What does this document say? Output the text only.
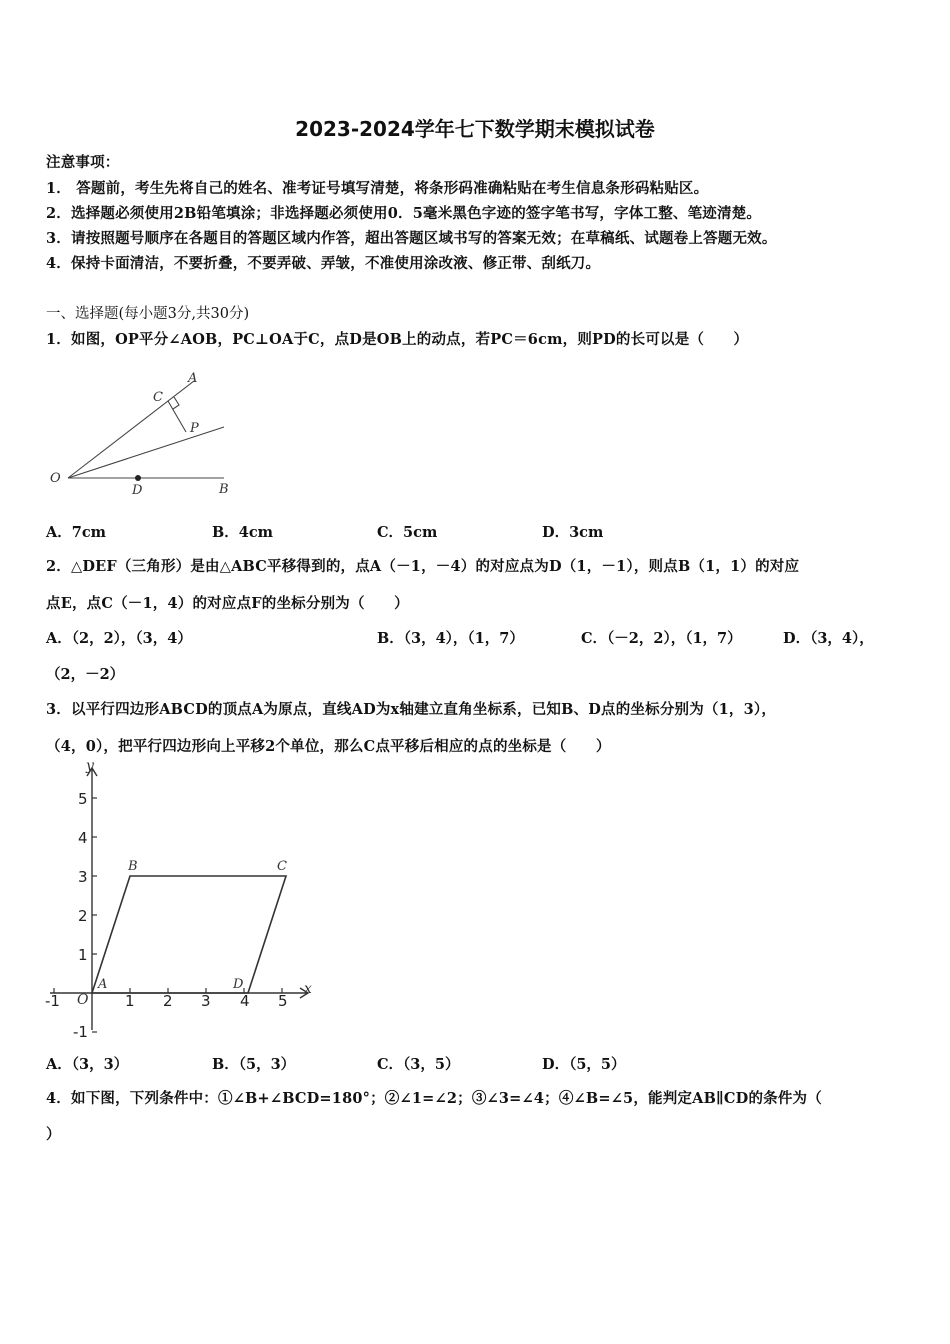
2023-2024学年七下数学期末模拟试卷
注意事项：
1． 答题前，考生先将自己的姓名、准考证号填写清楚，将条形码准确粘贴在考生信息条形码粘贴区。
2．选择题必须使用2B铅笔填涂；非选择题必须使用0．5毫米黑色字迹的签字笔书写，字体工整、笔迹清楚。
3．请按照题号顺序在各题目的答题区域内作答，超出答题区域书写的答案无效；在草稿纸、试题卷上答题无效。
4．保持卡面清洁，不要折叠，不要弄破、弄皱，不准使用涂改液、修正带、刮纸刀。
一、选择题(每小题3分,共30分)
1．如图，OP平分∠AOB，PC⊥OA于C，点D是OB上的动点，若PC＝6cm，则PD的长可以是（　　）
A
C
P
O
D	B
A．7cm	B．4cm	C．5cm	D．3cm
2．△DEF（三角形）是由△ABC平移得到的，点A（－1，－4）的对应点为D（1，－1），则点B（1，1）的对应
点E，点C（－1，4）的对应点F的坐标分别为（　　）
A．（2，2），（3，4）	B．（3，4），（1，7）	C．（－2，2），（1，7）	D．（3，4），
（2，－2）
3．以平行四边形ABCD的顶点A为原点，直线AD为x轴建立直角坐标系，已知B、D点的坐标分别为（1，3），
（4，0），把平行四边形向上平移2个单位，那么C点平移后相应的点的坐标是（　　）
y
x
O
-1	1 2 3 4 5
5
4
3
2
1
-1
A
B	C
D
A．（3，3）	B．（5，3）	C．（3，5）	D．（5，5）
4．如下图，下列条件中：①∠B+∠BCD=180°；②∠1=∠2；③∠3=∠4；④∠B=∠5，能判定AB∥CD的条件为（
）
